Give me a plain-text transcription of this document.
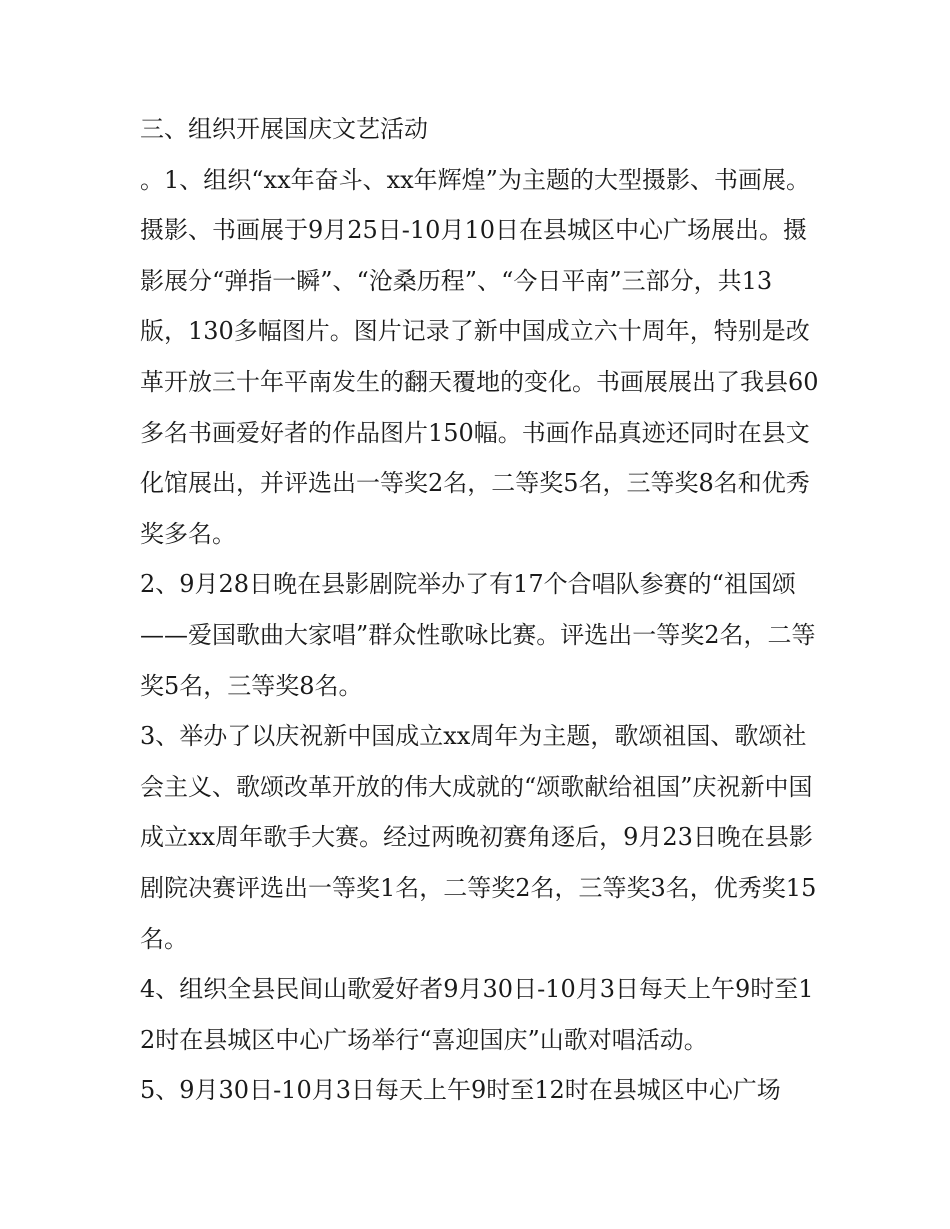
三、组织开展国庆文艺活动

。1、组织“xx年奋斗、xx年辉煌”为主题的大型摄影、书画展。摄影、书画展于9月25日-10月10日在县城区中心广场展出。摄影展分“弹指一瞬”、“沧桑历程”、“今日平南”三部分，共13版，130多幅图片。图片记录了新中国成立六十周年，特别是改革开放三十年平南发生的翻天覆地的变化。书画展展出了我县60多名书画爱好者的作品图片150幅。书画作品真迹还同时在县文化馆展出，并评选出一等奖2名，二等奖5名，三等奖8名和优秀奖多名。

2、9月28日晚在县影剧院举办了有17个合唱队参赛的“祖国颂——爱国歌曲大家唱”群众性歌咏比赛。评选出一等奖2名，二等奖5名，三等奖8名。

3、举办了以庆祝新中国成立xx周年为主题，歌颂祖国、歌颂社会主义、歌颂改革开放的伟大成就的“颂歌献给祖国”庆祝新中国成立xx周年歌手大赛。经过两晚初赛角逐后，9月23日晚在县影剧院决赛评选出一等奖1名，二等奖2名，三等奖3名，优秀奖15名。

4、组织全县民间山歌爱好者9月30日-10月3日每天上午9时至12时在县城区中心广场举行“喜迎国庆”山歌对唱活动。

5、9月30日-10月3日每天上午9时至12时在县城区中心广场
